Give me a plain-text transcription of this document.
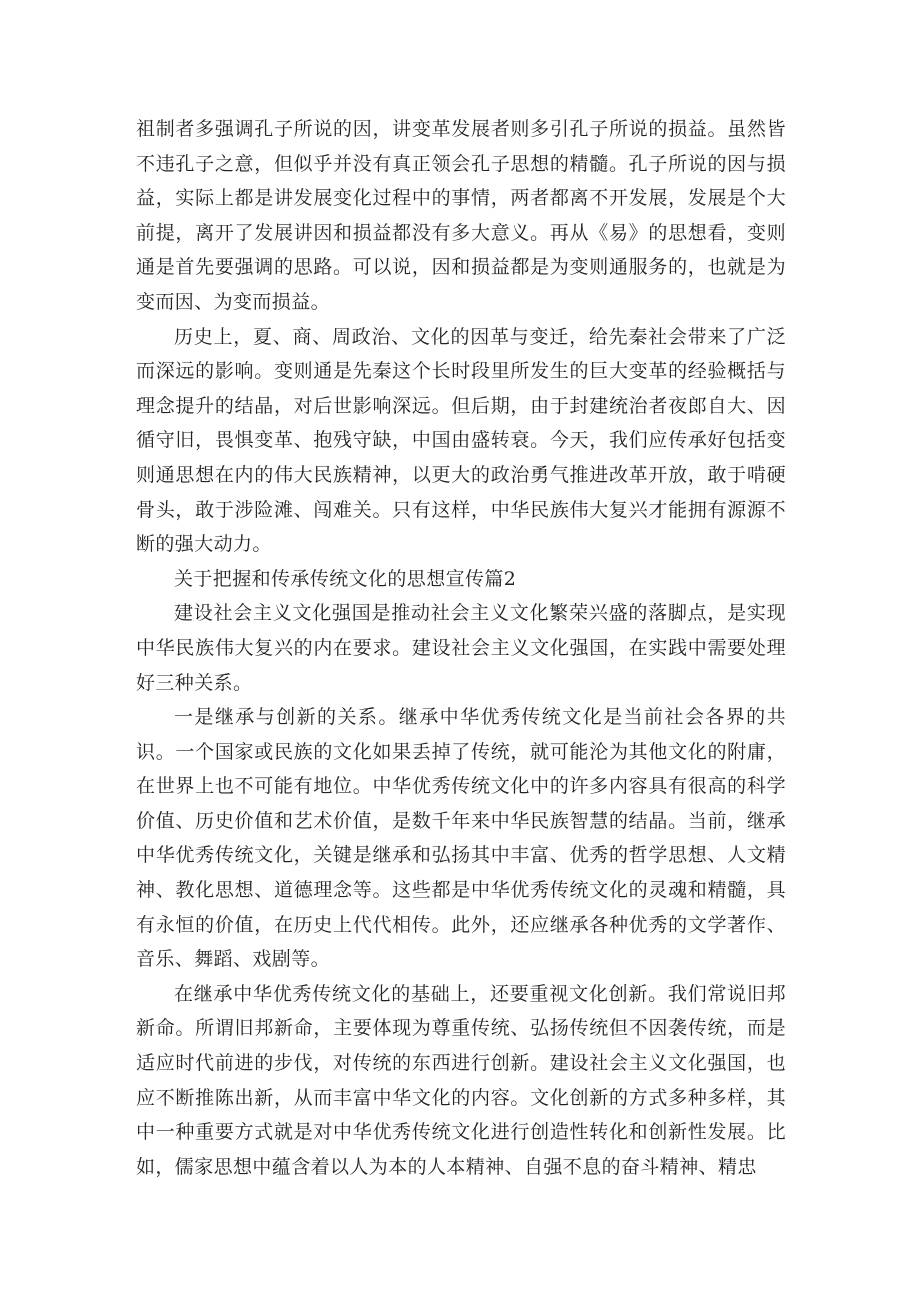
祖制者多强调孔子所说的因，讲变革发展者则多引孔子所说的损益。虽然皆不违孔子之意，但似乎并没有真正领会孔子思想的精髓。孔子所说的因与损益，实际上都是讲发展变化过程中的事情，两者都离不开发展，发展是个大前提，离开了发展讲因和损益都没有多大意义。再从《易》的思想看，变则通是首先要强调的思路。可以说，因和损益都是为变则通服务的，也就是为变而因、为变而损益。

历史上，夏、商、周政治、文化的因革与变迁，给先秦社会带来了广泛而深远的影响。变则通是先秦这个长时段里所发生的巨大变革的经验概括与理念提升的结晶，对后世影响深远。但后期，由于封建统治者夜郎自大、因循守旧，畏惧变革、抱残守缺，中国由盛转衰。今天，我们应传承好包括变则通思想在内的伟大民族精神，以更大的政治勇气推进改革开放，敢于啃硬骨头，敢于涉险滩、闯难关。只有这样，中华民族伟大复兴才能拥有源源不断的强大动力。

关于把握和传承传统文化的思想宣传篇2

建设社会主义文化强国是推动社会主义文化繁荣兴盛的落脚点，是实现中华民族伟大复兴的内在要求。建设社会主义文化强国，在实践中需要处理好三种关系。

一是继承与创新的关系。继承中华优秀传统文化是当前社会各界的共识。一个国家或民族的文化如果丢掉了传统，就可能沦为其他文化的附庸，在世界上也不可能有地位。中华优秀传统文化中的许多内容具有很高的科学价值、历史价值和艺术价值，是数千年来中华民族智慧的结晶。当前，继承中华优秀传统文化，关键是继承和弘扬其中丰富、优秀的哲学思想、人文精神、教化思想、道德理念等。这些都是中华优秀传统文化的灵魂和精髓，具有永恒的价值，在历史上代代相传。此外，还应继承各种优秀的文学著作、音乐、舞蹈、戏剧等。

在继承中华优秀传统文化的基础上，还要重视文化创新。我们常说旧邦新命。所谓旧邦新命，主要体现为尊重传统、弘扬传统但不因袭传统，而是适应时代前进的步伐，对传统的东西进行创新。建设社会主义文化强国，也应不断推陈出新，从而丰富中华文化的内容。文化创新的方式多种多样，其中一种重要方式就是对中华优秀传统文化进行创造性转化和创新性发展。比如，儒家思想中蕴含着以人为本的人本精神、自强不息的奋斗精神、精忠
